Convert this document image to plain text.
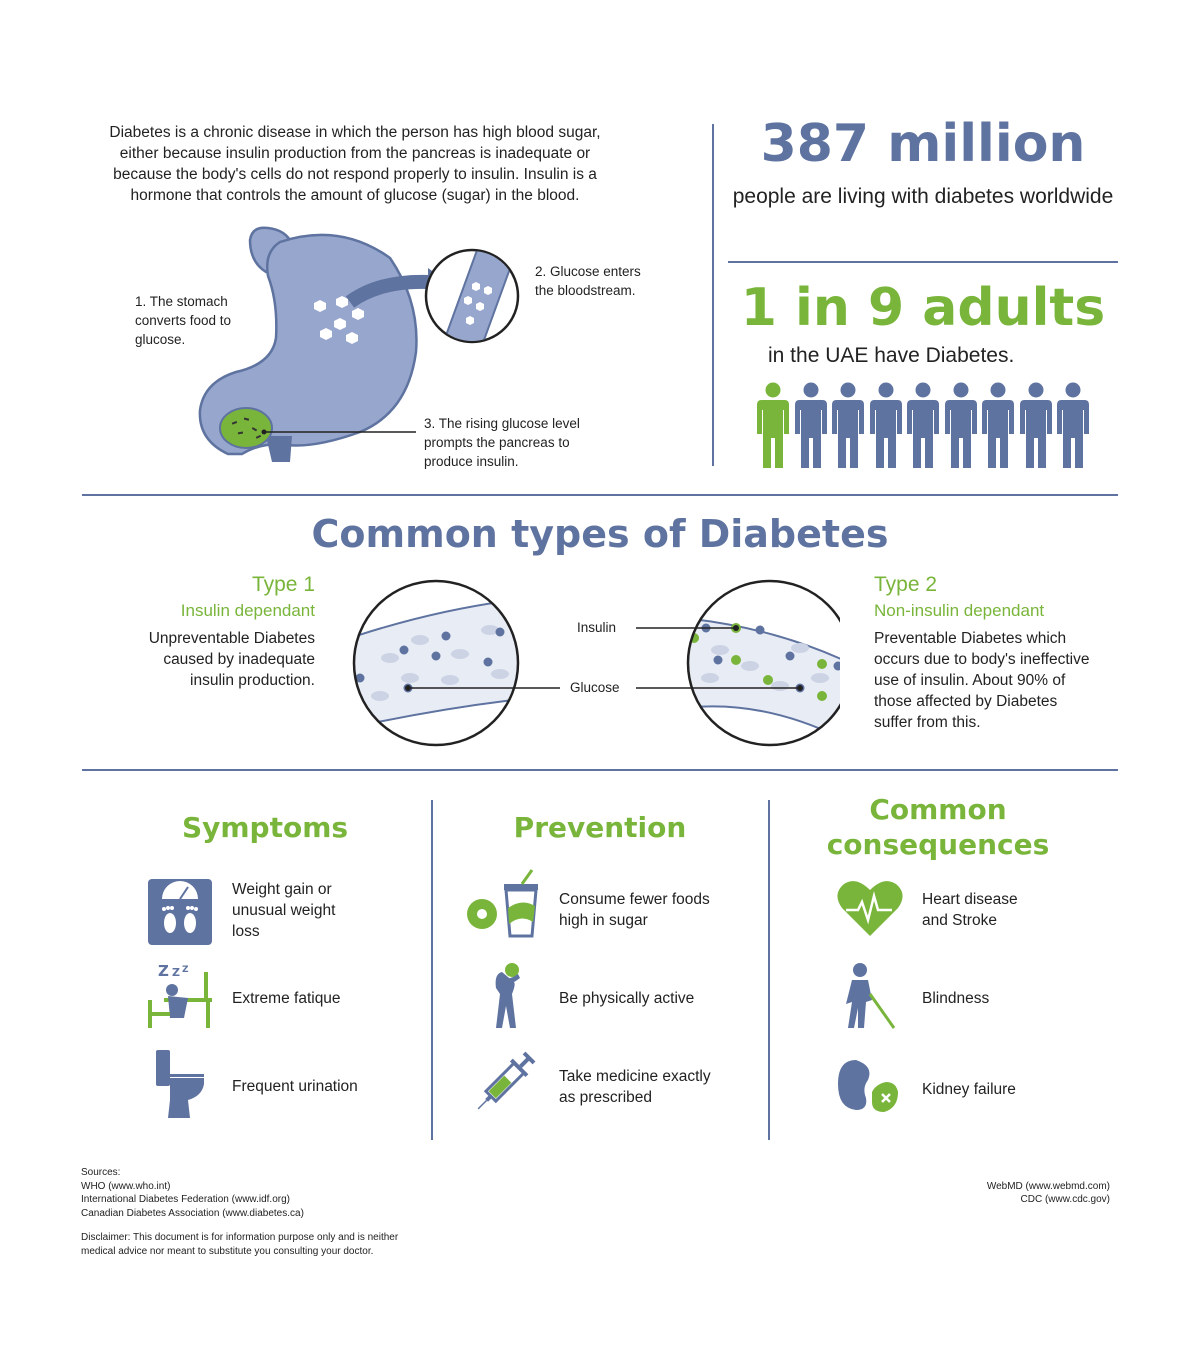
Diabetes is a chronic disease in which the person has high blood sugar, either because insulin production from the pancreas is inadequate or because the body's cells do not respond properly to insulin. Insulin is a hormone that controls the amount of glucose (sugar) in the blood.
1. The stomach converts food to glucose.
2. Glucose enters the bloodstream.
3. The rising glucose level prompts the pancreas to produce insulin.
387 million
people are living with diabetes worldwide
1 in 9 adults
in the UAE have Diabetes.
Common types of Diabetes
Type 1
Insulin dependant
Unpreventable Diabetes caused by inadequate insulin production.
Type 2
Non-insulin dependant
Preventable Diabetes which occurs due to body's ineffective use of insulin. About 90% of those affected by Diabetes suffer from this.
Insulin
Glucose
Symptoms	Prevention
Common consequences
Weight gain or unusual weight loss
Z Z Z
Extreme fatique
Frequent urination
Consume fewer foods high in sugar
Be physically active
Take medicine exactly as prescribed
Heart disease and Stroke
Blindness
Kidney failure
Sources:
WHO (www.who.int)
International Diabetes Federation (www.idf.org)
Canadian Diabetes Association (www.diabetes.ca)
WebMD (www.webmd.com)
CDC (www.cdc.gov)
Disclaimer: This document is for information purpose only and is neither medical advice nor meant to substitute you consulting your doctor.
